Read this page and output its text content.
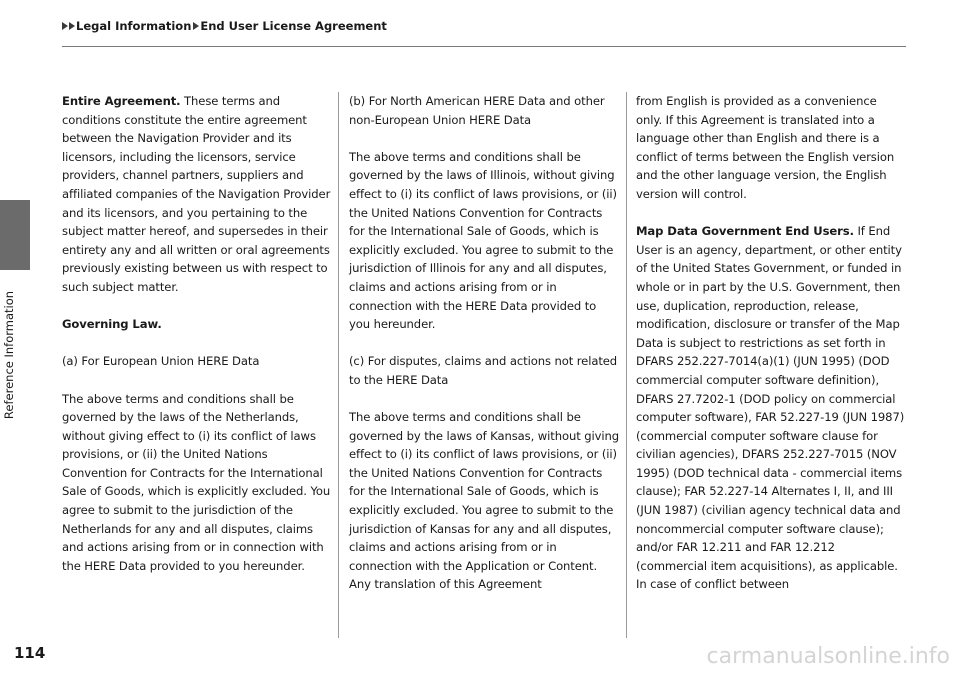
Legal Information End User License Agreement
Reference Information

Entire Agreement. These terms and conditions constitute the entire agreement between the Navigation Provider and its licensors, including the licensors, service providers, channel partners, suppliers and affiliated companies of the Navigation Provider and its licensors, and you pertaining to the subject matter hereof, and supersedes in their entirety any and all written or oral agreements previously existing between us with respect to such subject matter.

Governing Law.

(a) For European Union HERE Data

The above terms and conditions shall be governed by the laws of the Netherlands, without giving effect to (i) its conflict of laws provisions, or (ii) the United Nations Convention for Contracts for the International Sale of Goods, which is explicitly excluded. You agree to submit to the jurisdiction of the Netherlands for any and all disputes, claims and actions arising from or in connection with the HERE Data provided to you hereunder.

(b) For North American HERE Data and other non-European Union HERE Data

The above terms and conditions shall be governed by the laws of Illinois, without giving effect to (i) its conflict of laws provisions, or (ii) the United Nations Convention for Contracts for the International Sale of Goods, which is explicitly excluded. You agree to submit to the jurisdiction of Illinois for any and all disputes, claims and actions arising from or in connection with the HERE Data provided to you hereunder.

(c) For disputes, claims and actions not related to the HERE Data

The above terms and conditions shall be governed by the laws of Kansas, without giving effect to (i) its conflict of laws provisions, or (ii) the United Nations Convention for Contracts for the International Sale of Goods, which is explicitly excluded. You agree to submit to the jurisdiction of Kansas for any and all disputes, claims and actions arising from or in connection with the Application or Content. Any translation of this Agreement

from English is provided as a convenience only. If this Agreement is translated into a language other than English and there is a conflict of terms between the English version and the other language version, the English version will control.

Map Data Government End Users. If End User is an agency, department, or other entity of the United States Government, or funded in whole or in part by the U.S. Government, then use, duplication, reproduction, release, modification, disclosure or transfer of the Map Data is subject to restrictions as set forth in DFARS 252.227-7014(a)(1) (JUN 1995) (DOD commercial computer software definition), DFARS 27.7202-1 (DOD policy on commercial computer software), FAR 52.227-19 (JUN 1987) (commercial computer software clause for civilian agencies), DFARS 252.227-7015 (NOV 1995) (DOD technical data - commercial items clause); FAR 52.227-14 Alternates I, II, and III (JUN 1987) (civilian agency technical data and noncommercial computer software clause); and/or FAR 12.211 and FAR 12.212 (commercial item acquisitions), as applicable. In case of conflict between

114	carmanualsonline.info
